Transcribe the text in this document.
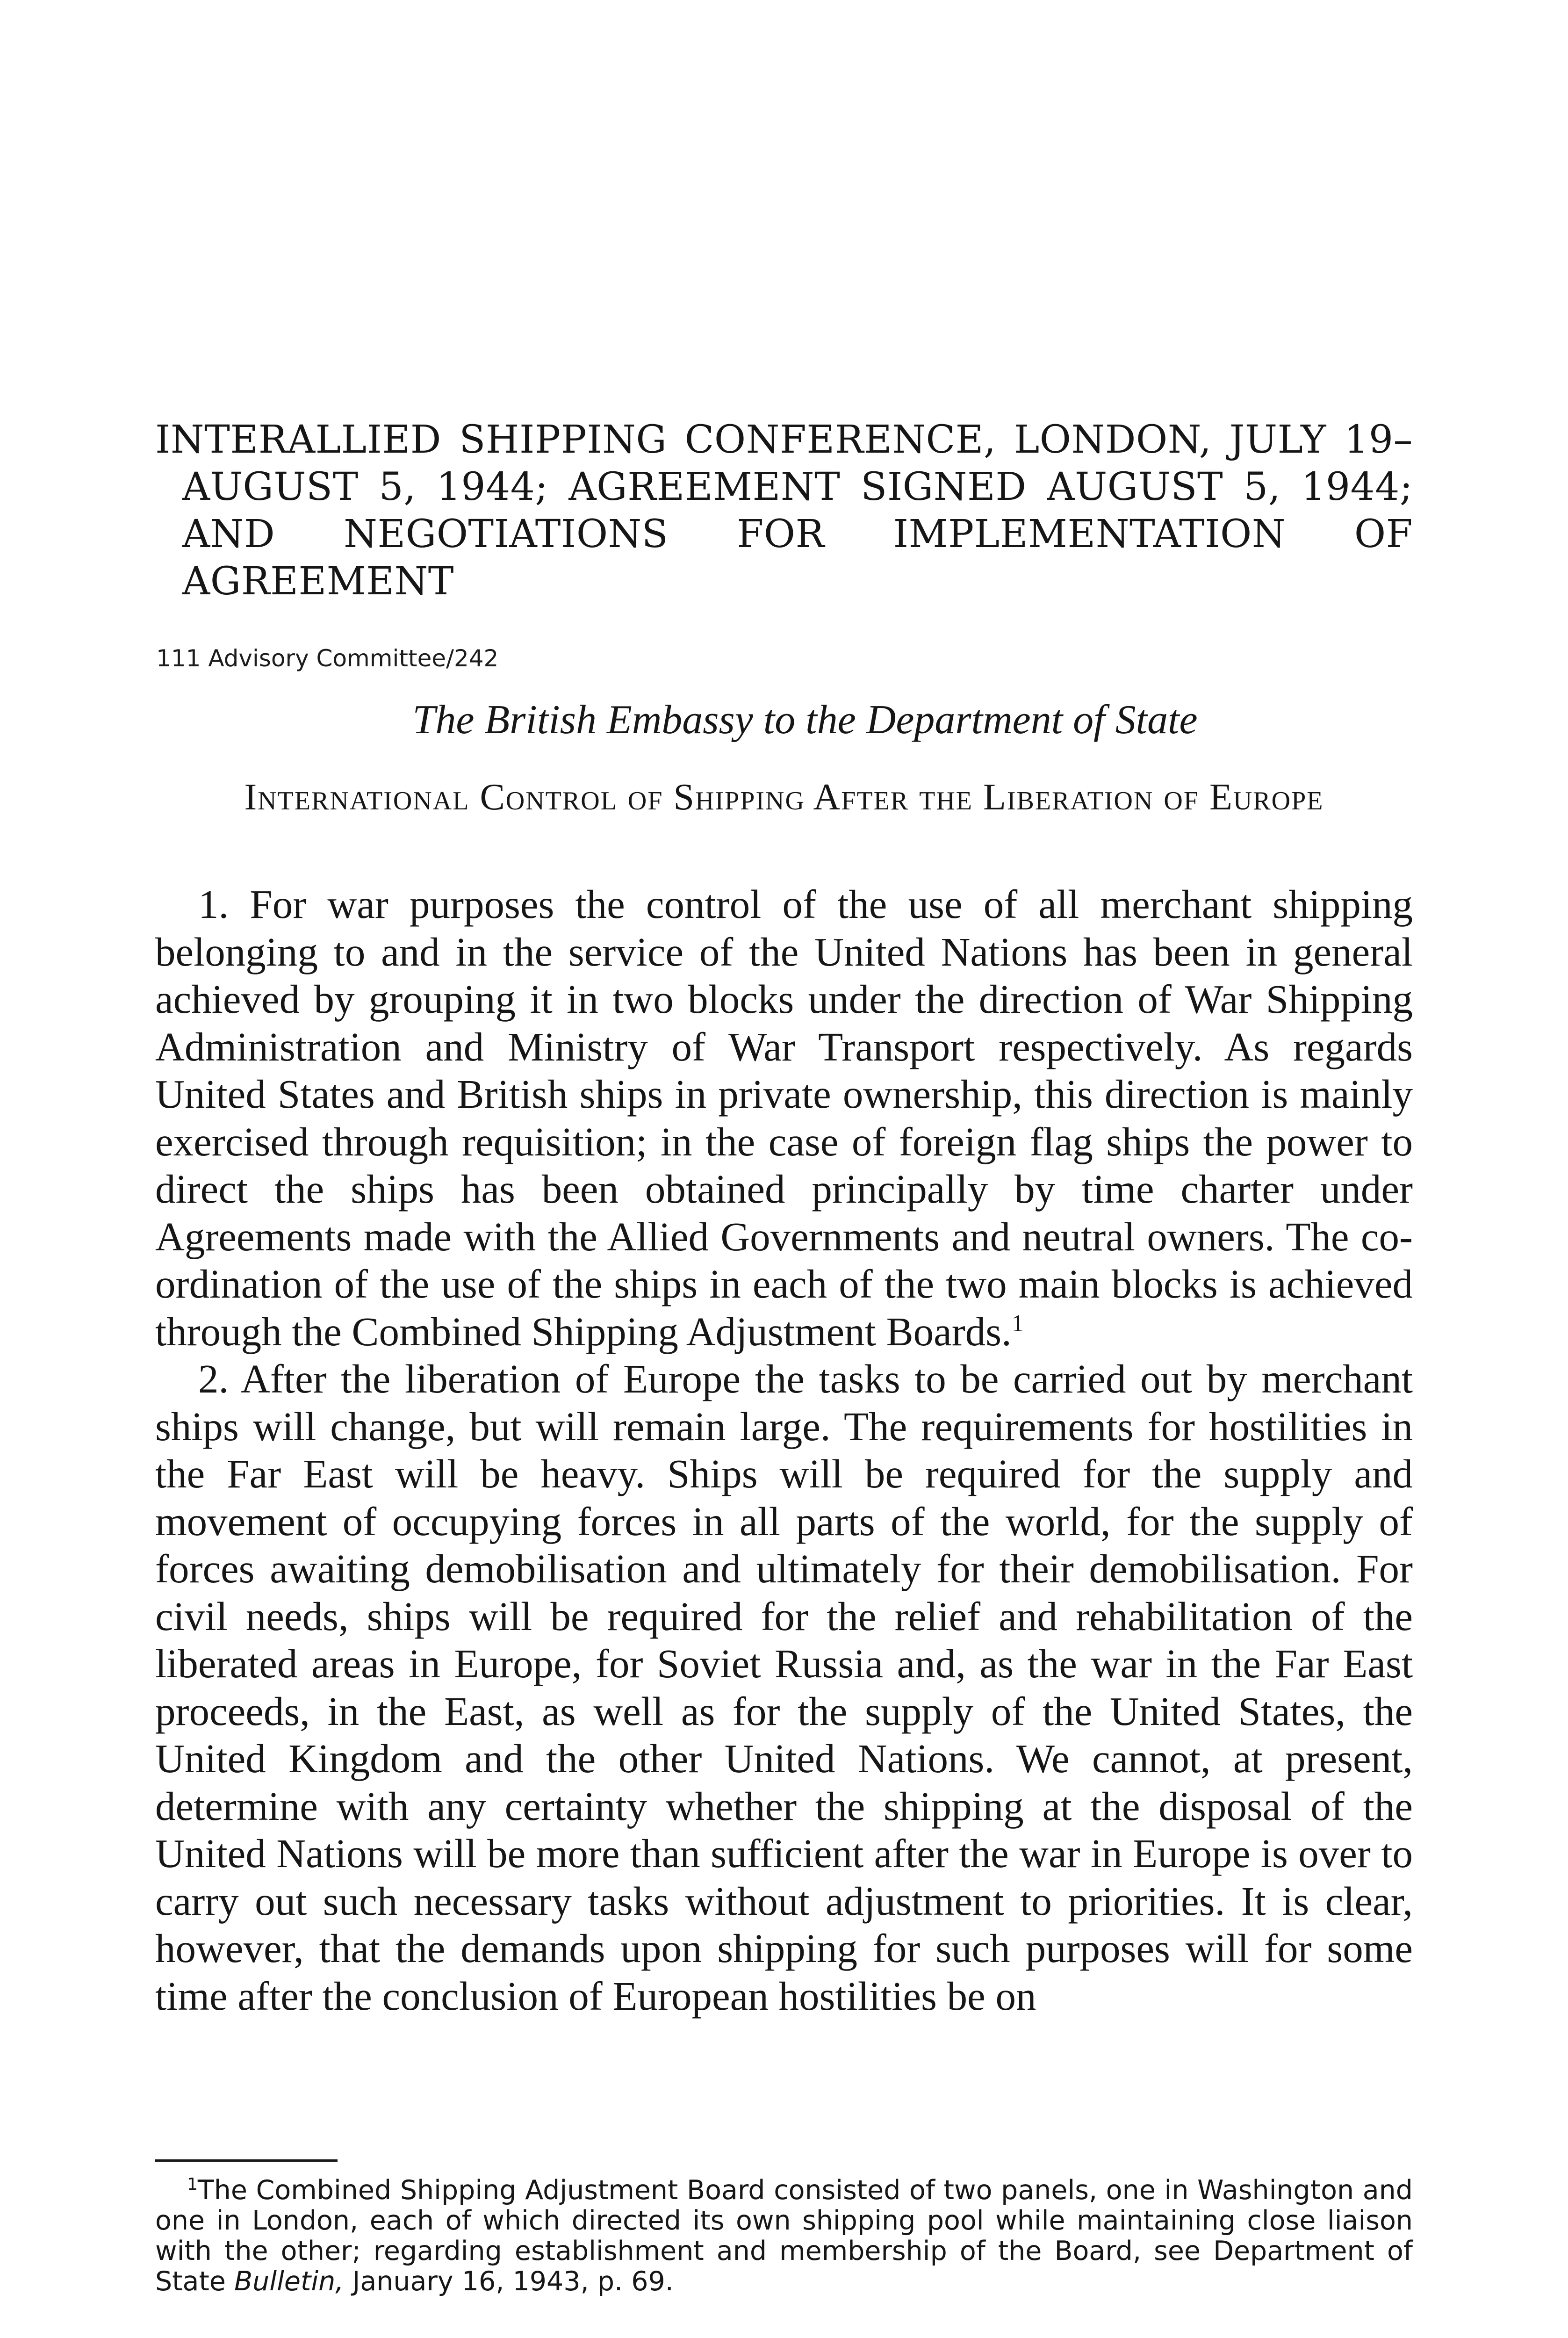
INTERALLIED SHIPPING CONFERENCE, LONDON, JULY 19–AUGUST 5, 1944; AGREEMENT SIGNED AUGUST 5, 1944; AND NEGOTIATIONS FOR IMPLEMENTATION OF AGREEMENT
111 Advisory Committee/242
The British Embassy to the Department of State
International Control of Shipping After the Liberation of Europe

1. For war purposes the control of the use of all merchant shipping belonging to and in the service of the United Nations has been in general achieved by grouping it in two blocks under the direction of War Shipping Administration and Ministry of War Transport respectively. As regards United States and British ships in private ownership, this direction is mainly exercised through requisition; in the case of foreign flag ships the power to direct the ships has been obtained principally by time charter under Agreements made with the Allied Governments and neutral owners. The co-ordination of the use of the ships in each of the two main blocks is achieved through the Combined Shipping Adjustment Boards.$^1$

2. After the liberation of Europe the tasks to be carried out by merchant ships will change, but will remain large. The requirements for hostilities in the Far East will be heavy. Ships will be required for the supply and movement of occupying forces in all parts of the world, for the supply of forces awaiting demobilisation and ultimately for their demobilisation. For civil needs, ships will be required for the relief and rehabilitation of the liberated areas in Europe, for Soviet Russia and, as the war in the Far East proceeds, in the East, as well as for the supply of the United States, the United Kingdom and the other United Nations. We cannot, at present, determine with any certainty whether the shipping at the disposal of the United Nations will be more than sufficient after the war in Europe is over to carry out such necessary tasks without adjustment to priorities. It is clear, however, that the demands upon shipping for such purposes will for some time after the conclusion of European hostilities be on

$^1$The Combined Shipping Adjustment Board consisted of two panels, one in Washington and one in London, each of which directed its own shipping pool while maintaining close liaison with the other; regarding establishment and membership of the Board, see Department of State Bulletin, January 16, 1943, p. 69.
